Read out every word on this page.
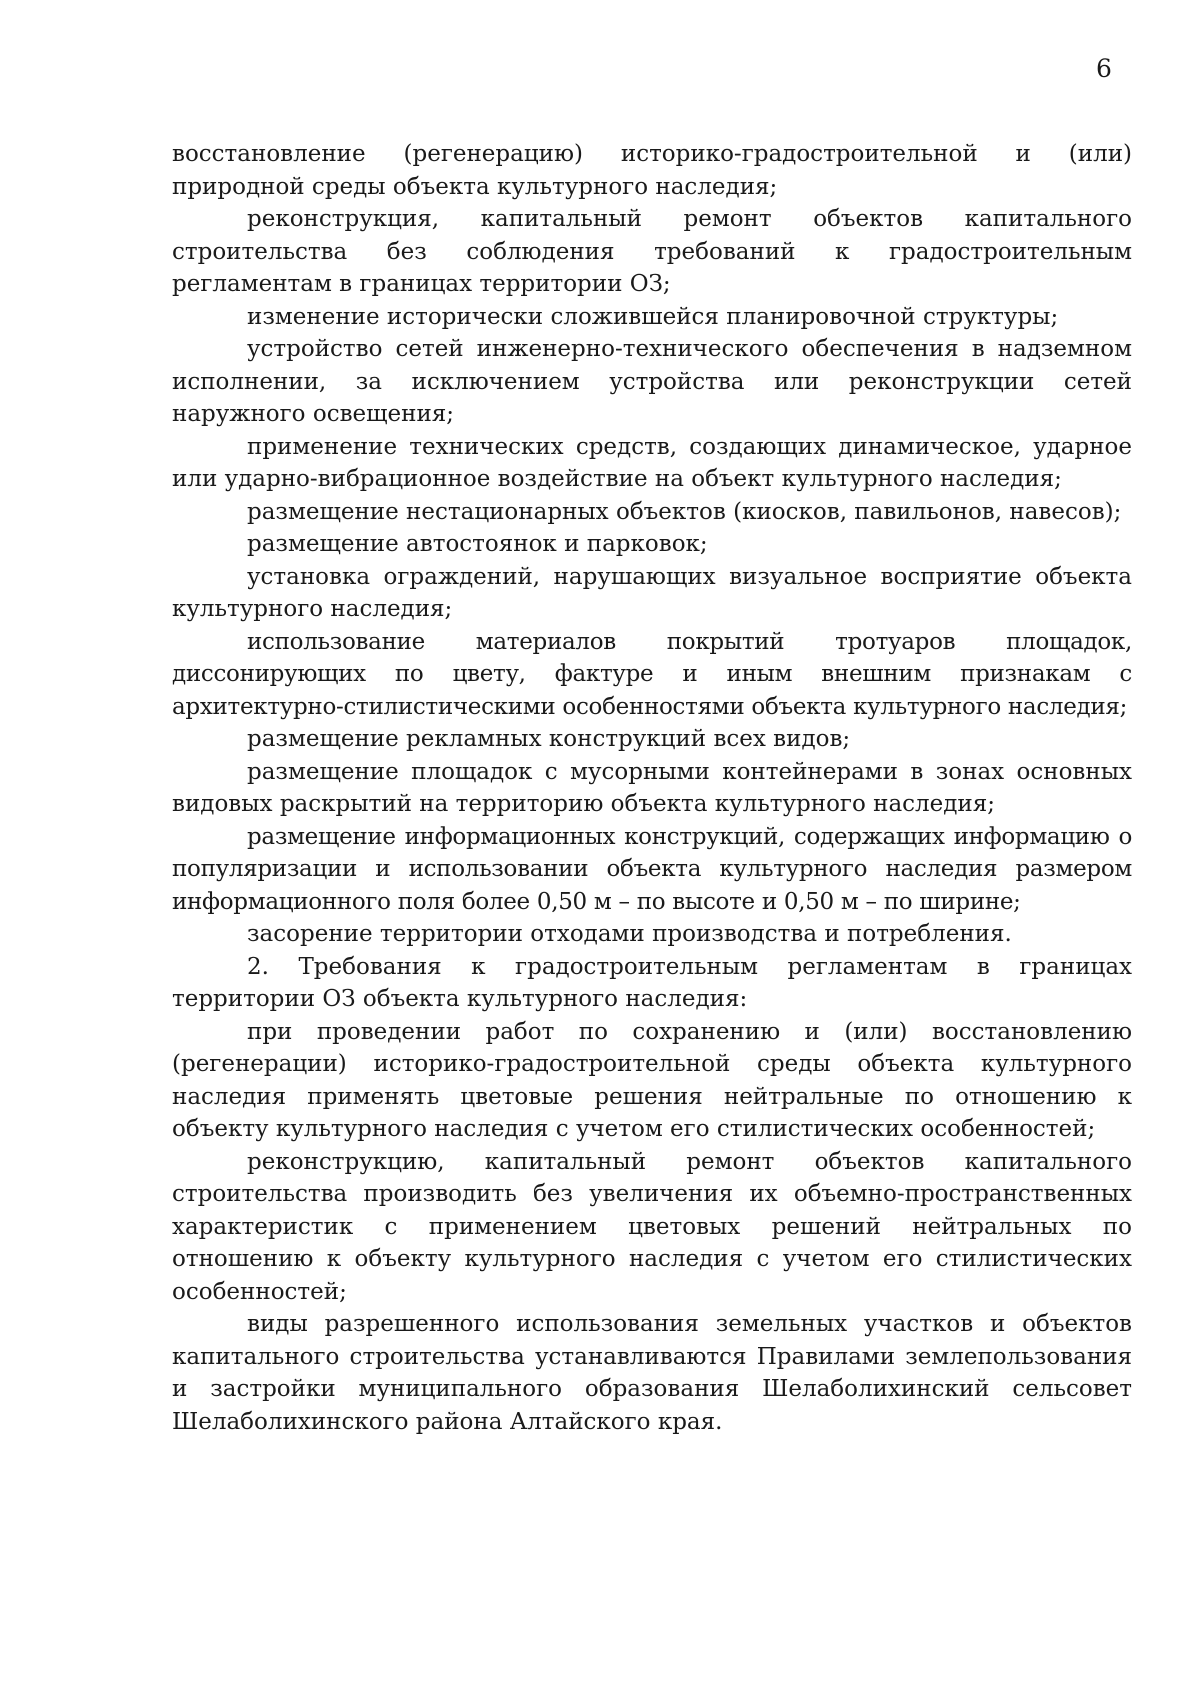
6

восстановление (регенерацию) историко-градостроительной и (или) природной среды объекта культурного наследия;

реконструкция, капитальный ремонт объектов капитального строительства без соблюдения требований к градостроительным регламентам в границах территории ОЗ;

изменение исторически сложившейся планировочной структуры;

устройство сетей инженерно-технического обеспечения в надземном исполнении, за исключением устройства или реконструкции сетей наружного освещения;

применение технических средств, создающих динамическое, ударное или ударно-вибрационное воздействие на объект культурного наследия;

размещение нестационарных объектов (киосков, павильонов, навесов);

размещение автостоянок и парковок;

установка ограждений, нарушающих визуальное восприятие объекта культурного наследия;

использование материалов покрытий тротуаров площадок, диссонирующих по цвету, фактуре и иным внешним признакам с архитектурно-стилистическими особенностями объекта культурного наследия;

размещение рекламных конструкций всех видов;

размещение площадок с мусорными контейнерами в зонах основных видовых раскрытий на территорию объекта культурного наследия;

размещение информационных конструкций, содержащих информацию о популяризации и использовании объекта культурного наследия размером информационного поля более 0,50 м – по высоте и 0,50 м – по ширине;

засорение территории отходами производства и потребления.

2. Требования к градостроительным регламентам в границах территории ОЗ объекта культурного наследия:

при проведении работ по сохранению и (или) восстановлению (регенерации) историко-градостроительной среды объекта культурного наследия применять цветовые решения нейтральные по отношению к объекту культурного наследия с учетом его стилистических особенностей;

реконструкцию, капитальный ремонт объектов капитального строительства производить без увеличения их объемно-пространственных характеристик с применением цветовых решений нейтральных по отношению к объекту культурного наследия с учетом его стилистических особенностей;

виды разрешенного использования земельных участков и объектов капитального строительства устанавливаются Правилами землепользования и застройки муниципального образования Шелаболихинский сельсовет Шелаболихинского района Алтайского края.
